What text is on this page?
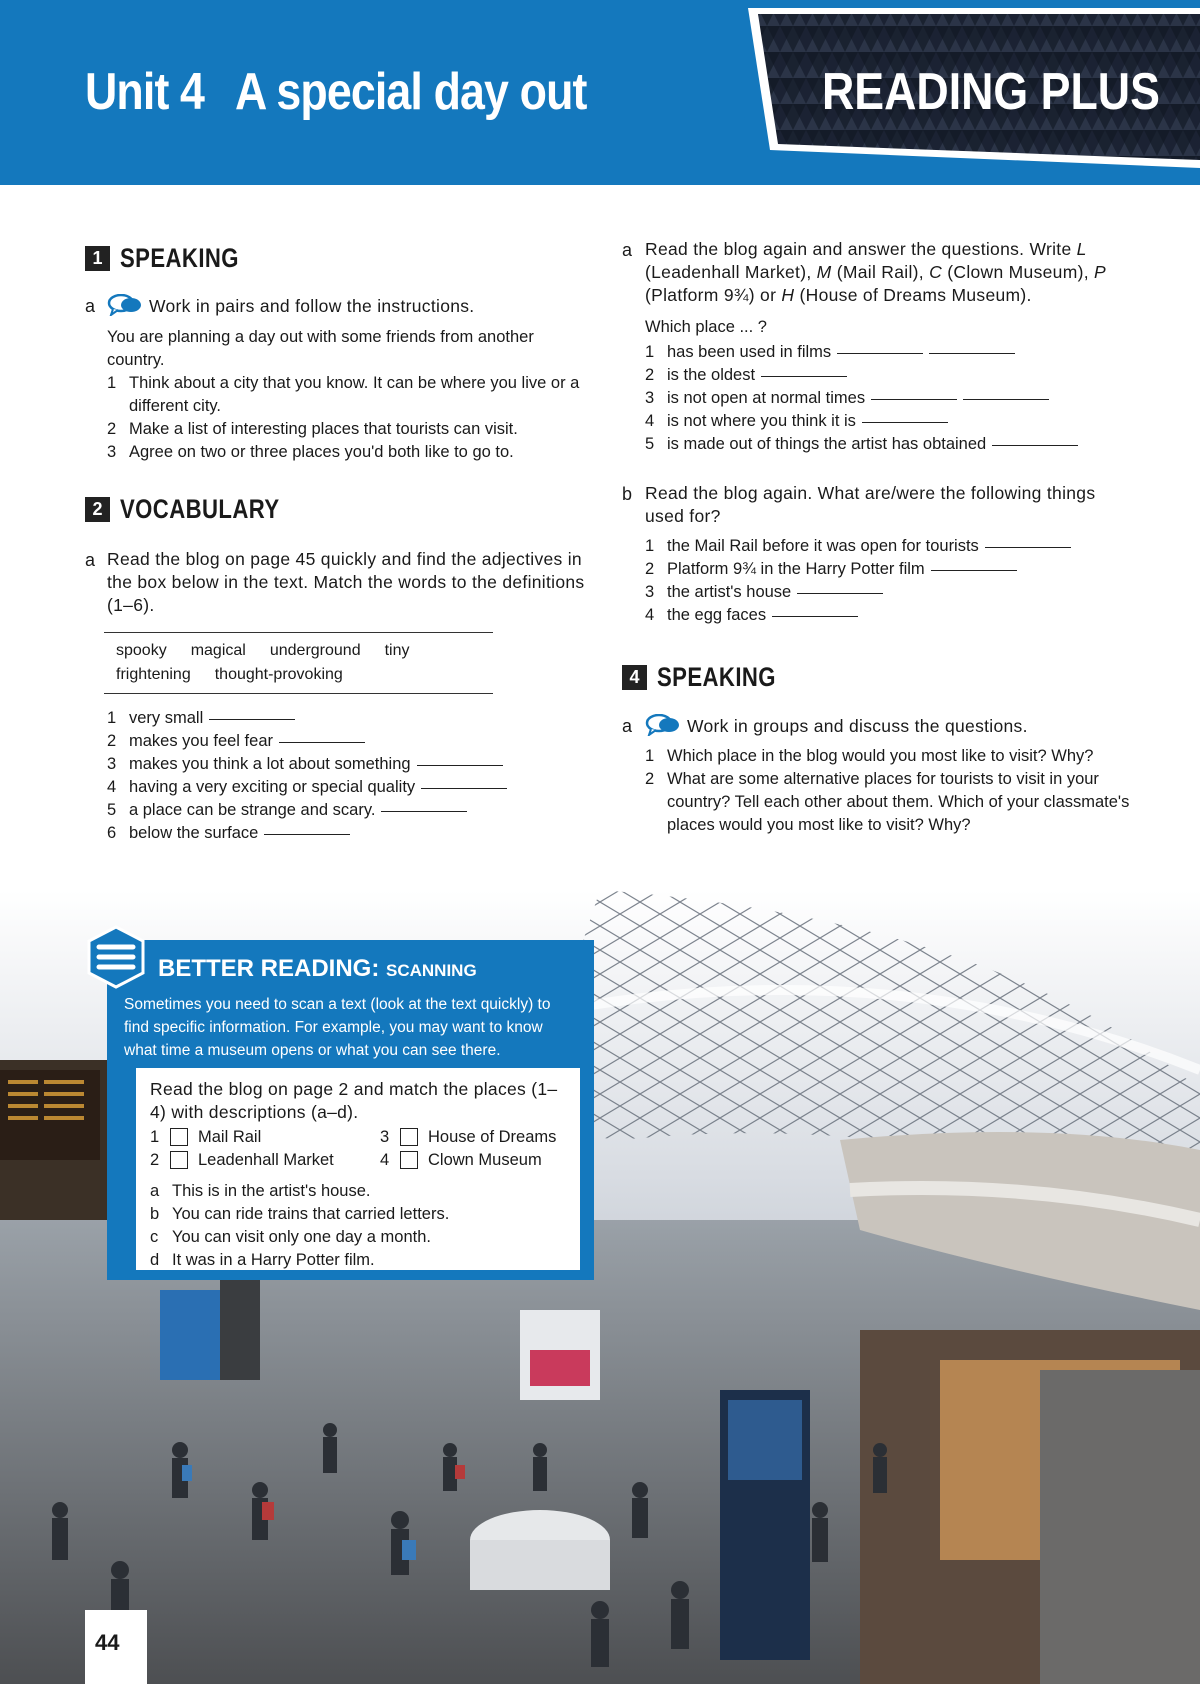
Unit 4 A special day out	READING PLUS
1 SPEAKING
a	Work in pairs and follow the instructions.
You are planning a day out with some friends from another country.
1 Think about a city that you know. It can be where you live or a different city.
2 Make a list of interesting places that tourists can visit.
3 Agree on two or three places you'd both like to go to.
2 VOCABULARY
a Read the blog on page 45 quickly and find the adjectives in the box below in the text. Match the words to the definitions (1–6).
spooky magical underground tiny
frightening thought-provoking
1 very small
2 makes you feel fear
3 makes you think a lot about something
4 having a very exciting or special quality
5 a place can be strange and scary.
6 below the surface
a Read the blog again and answer the questions. Write L (Leadenhall Market), M (Mail Rail), C (Clown Museum), P (Platform 9¾) or H (House of Dreams Museum).
Which place ... ?
1 has been used in films
2 is the oldest
3 is not open at normal times
4 is not where you think it is
5 is made out of things the artist has obtained
b Read the blog again. What are/were the following things used for?
1 the Mail Rail before it was open for tourists
2 Platform 9¾ in the Harry Potter film
3 the artist's house
4 the egg faces
4 SPEAKING
a	Work in groups and discuss the questions.
1 Which place in the blog would you most like to visit? Why?
2 What are some alternative places for tourists to visit in your country? Tell each other about them. Which of your classmate's places would you most like to visit? Why?
BETTER READING: SCANNING
Sometimes you need to scan a text (look at the text quickly) to find specific information. For example, you may want to know what time a museum opens or what you can see there.
Read the blog on page 2 and match the places (1–4) with descriptions (a–d).
1 Mail Rail	3 House of Dreams
2 Leadenhall Market	4 Clown Museum
a This is in the artist's house.
b You can ride trains that carried letters.
c You can visit only one day a month.
d It was in a Harry Potter film.
44
